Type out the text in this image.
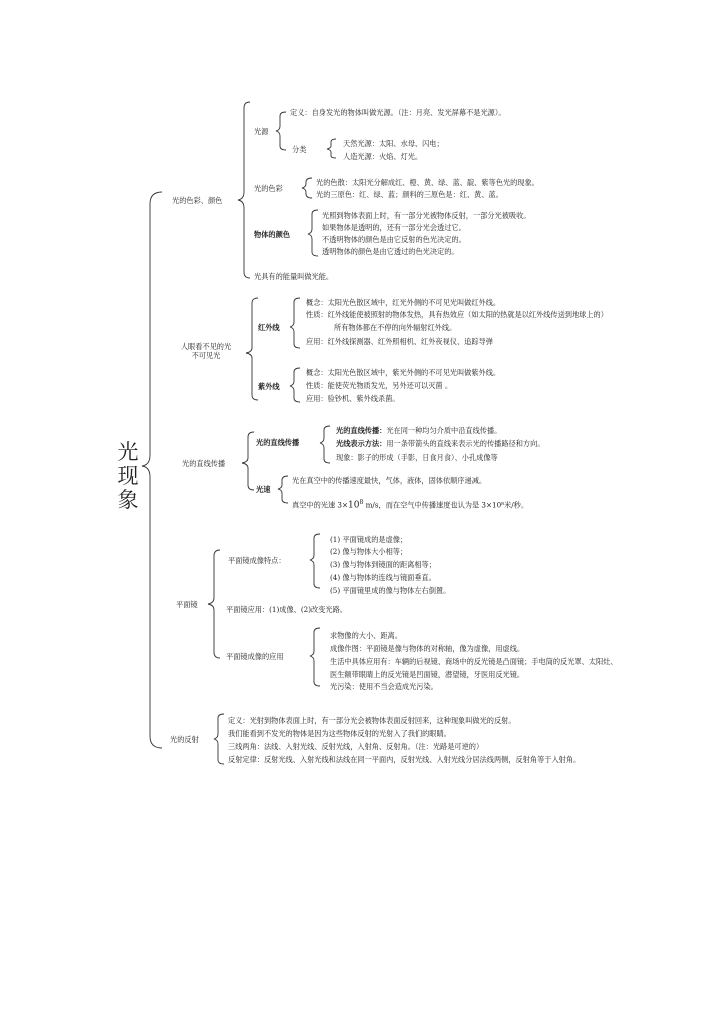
光
现
象
光的色彩、颜色
光源
定义：自身发光的物体叫做光源。（注：月亮、发光屏幕不是光源）。
分类
天然光源：太阳、水母、闪电；
人造光源：火焰、灯光。
光的色彩
光的色散：太阳光分解成红、橙、黄、绿、蓝、靛、紫等色光的现象。
光的三原色：红、绿、蓝；颜料的三原色是：红、黄、蓝。
物体的颜色
光照到物体表面上时，有一部分光被物体反射，一部分光被吸收。
如果物体是透明的，还有一部分光会透过它。
不透明物体的颜色是由它反射的色光决定的。
透明物体的颜色是由它透过的色光决定的。
光具有的能量叫做光能。
人眼看不见的光
不可见光
红外线
概念：太阳光色散区域中，红光外侧的不可见光叫做红外线。
性质：红外线能使被照射的物体发热，具有热效应（如太阳的热就是以红外线传送到地球上的）
所有物体都在不停的向外辐射红外线。
应用：红外线探测器、红外照相机、红外夜视仪、追踪导弹
紫外线
概念：太阳光色散区域中，紫光外侧的不可见光叫做紫外线。
性质：能使荧光物质发光，另外还可以灭菌 。
应用：验钞机、紫外线杀菌。
光的直线传播
光的直线传播
光的直线传播：光在同一种均匀介质中沿直线传播。
光线表示方法：用一条带箭头的直线来表示光的传播路径和方向。
现象：影子的形成（手影，日食月食）、小孔成像等
光速
光在真空中的传播速度最快，气体，液体，固体依顺序递减。
真空中的光速 $3\times 10^8$ m/s，而在空气中传播速度也认为是 3×10⁸米/秒。
平面镜
平面镜成像特点：
(1) 平面镜成的是虚像；
(2) 像与物体大小相等；
(3) 像与物体到镜面的距离相等；
(4) 像与物体的连线与镜面垂直。
(5) 平面镜里成的像与物体左右倒置。
平面镜应用：(1)成像、(2)改变光路。
平面镜成像的应用
求物像的大小、距离。
成像作图：平面镜是像与物体的对称轴，像为虚像，用虚线。
生活中具体应用有：车辆的后视镜、商场中的反光镜是凸面镜；手电筒的反光罩、太阳灶、
医生额带眼睛上的反光镜是凹面镜，潜望镜，牙医用反光镜。
光污染：使用不当会造成光污染。
光的反射
定义：光射到物体表面上时，有一部分光会被物体表面反射回来，这种现象叫做光的反射。
我们能看到不发光的物体是因为这些物体反射的光射入了我们的眼睛。
三线两角：法线、入射光线、反射光线，入射角、反射角。（注：光路是可逆的）
反射定律：反射光线、入射光线和法线在同一平面内，反射光线、入射光线分居法线两侧，反射角等于入射角。
